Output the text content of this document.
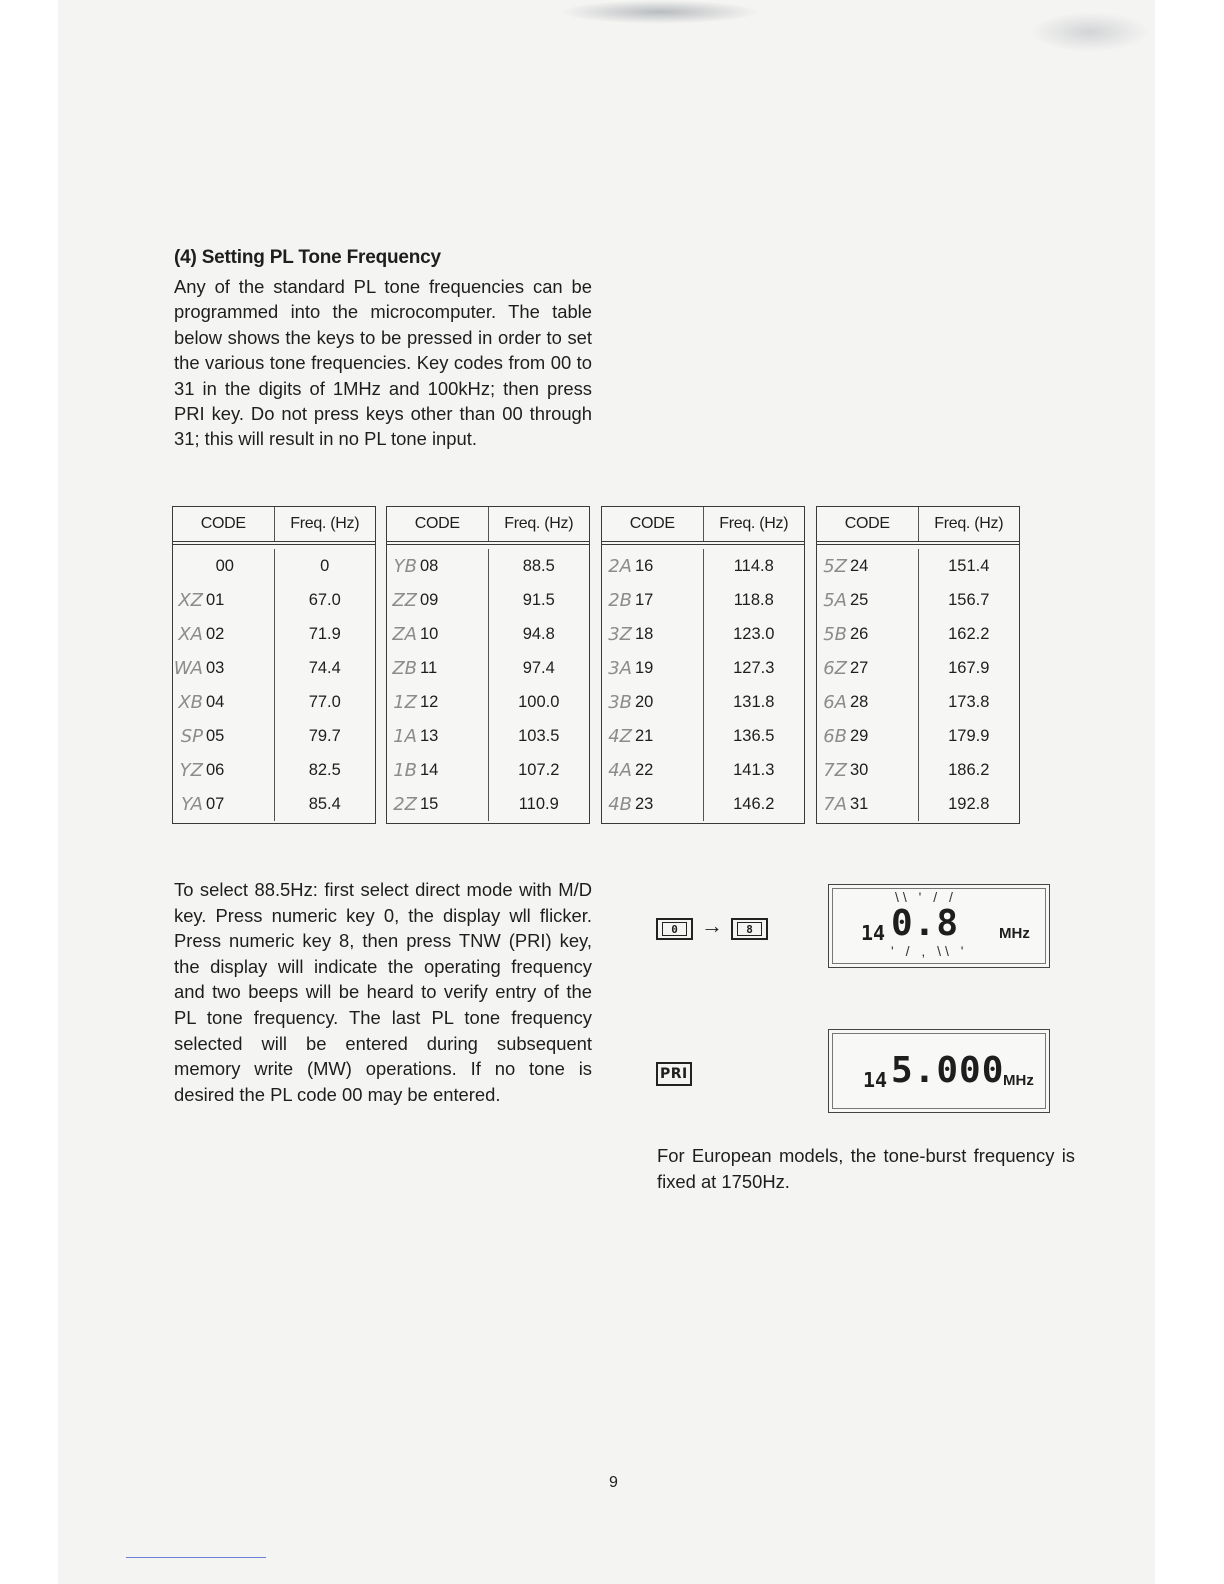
(4) Setting PL Tone Frequency

Any of the standard PL tone frequencies can be programmed into the microcomputer. The table below shows the keys to be pressed in order to set the various tone frequencies. Key codes from 00 to 31 in the digits of 1MHz and 100kHz; then press PRI key. Do not press keys other than 00 through 31; this will result in no PL tone input.

CODE	Freq. (Hz)
00	0
XZ 01	67.0
XA 02	71.9
WA 03	74.4
XB 04	77.0
SP 05	79.7
YZ 06	82.5
YA 07	85.4
CODE	Freq. (Hz)
YB 08	88.5
ZZ 09	91.5
ZA 10	94.8
ZB 11	97.4
1Z 12	100.0
1A 13	103.5
1B 14	107.2
2Z 15	110.9
CODE	Freq. (Hz)
2A 16	114.8
2B 17	118.8
3Z 18	123.0
3A 19	127.3
3B 20	131.8
4Z 21	136.5
4A 22	141.3
4B 23	146.2
CODE	Freq. (Hz)
5Z 24	151.4
5A 25	156.7
5B 26	162.2
6Z 27	167.9
6A 28	173.8
6B 29	179.9
7Z 30	186.2
7A 31	192.8

To select 88.5Hz: first select direct mode with M/D key. Press numeric key 0, the display wll flicker. Press numeric key 8, then press TNW (PRI) key, the display will indicate the operating frequency and two beeps will be heard to verify entry of the PL tone frequency. The last PL tone frequency selected will be entered during subsequent memory write (MW) operations. If no tone is desired the PL code 00 may be entered.

0	→	8
\\ ' / /
14 0.8
' / , \\ '
MHz
PRI	14 5.000
MHz

For European models, the tone-burst frequency is fixed at 1750Hz.

9
